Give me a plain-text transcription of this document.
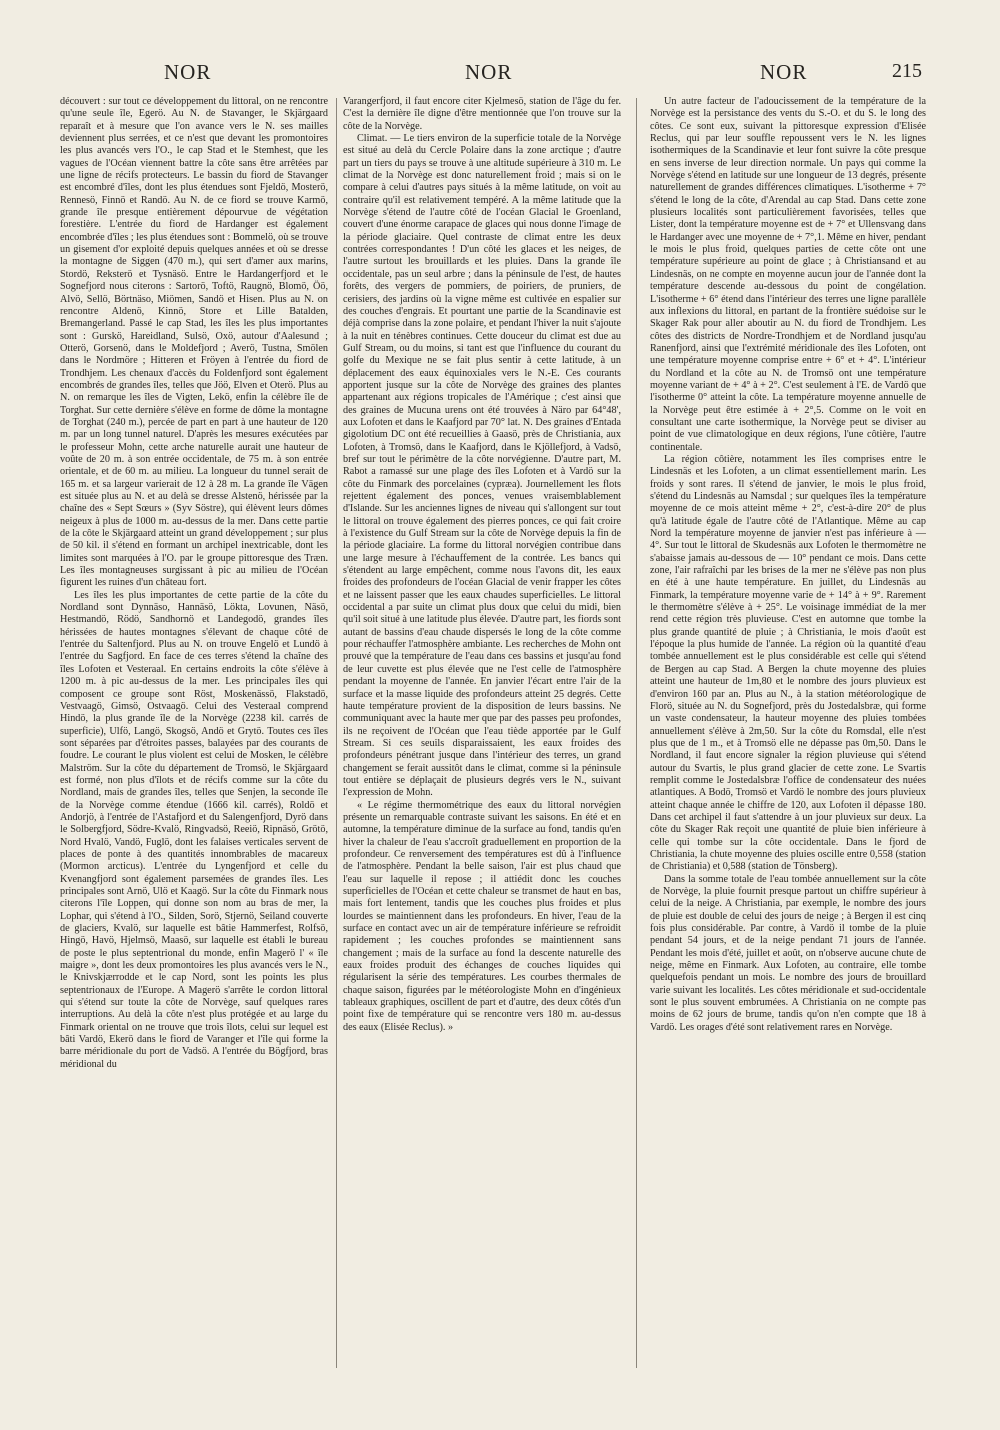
NOR	NOR	NOR	215

découvert : sur tout ce développement du littoral, on ne rencontre qu'une seule île, Egerö. Au N. de Stavanger, le Skjärgaard reparaît et à mesure que l'on avance vers le N. ses mailles deviennent plus serrées, et ce n'est que devant les promontoires les plus avancés vers l'O., le cap Stad et le Stemhest, que les vagues de l'Océan viennent battre la côte sans être arrêtées par une ligne de récifs protecteurs. Le bassin du fiord de Stavanger est encombré d'îles, dont les plus étendues sont Fjeldö, Mosterö, Rennesö, Finnö et Randö. Au N. de ce fiord se trouve Karmö, grande île presque entièrement dépourvue de végétation forestière. L'entrée du fiord de Hardanger est également encombrée d'îles ; les plus étendues sont : Bommelö, où se trouve un gisement d'or exploité depuis quelques années et où se dresse la montagne de Siggen (470 m.), qui sert d'amer aux marins, Stordö, Reksterö et Tysnäsö. Entre le Hardangerfjord et le Sognefjord nous citerons : Sartorö, Toftö, Raugnö, Blomö, Öö, Alvö, Sellö, Börtnäso, Miömen, Sandö et Hisen. Plus au N. on rencontre Aldenö, Kinnö, Store et Lille Batalden, Bremangerland. Passé le cap Stad, les îles les plus importantes sont : Gurskö, Hareidland, Sulsö, Oxö, autour d'Aalesund ; Otterö, Gorsenö, dans le Moldefjord ; Averö, Tustna, Smölen dans le Nordmöre ; Hitteren et Fröyen à l'entrée du fiord de Trondhjem. Les chenaux d'accès du Foldenfjord sont également encombrés de grandes îles, telles que Jöö, Elven et Oterö. Plus au N. on remarque les îles de Vigten, Lekö, enfin la célèbre île de Torghat. Sur cette dernière s'élève en forme de dôme la montagne de Torghat (240 m.), percée de part en part à une hauteur de 120 m. par un long tunnel naturel. D'après les mesures exécutées par le professeur Mohn, cette arche naturelle aurait une hauteur de voûte de 20 m. à son entrée occidentale, de 75 m. à son entrée orientale, et de 60 m. au milieu. La longueur du tunnel serait de 165 m. et sa largeur varierait de 12 à 28 m. La grande île Vägen est située plus au N. et au delà se dresse Alstenö, hérissée par la chaîne des « Sept Sœurs » (Syv Söstre), qui élèvent leurs dômes neigeux à plus de 1000 m. au-dessus de la mer. Dans cette partie de la côte le Skjärgaard atteint un grand développement ; sur plus de 50 kil. il s'étend en formant un archipel inextricable, dont les limites sont marquées à l'O. par le groupe pittoresque des Træn. Les îles montagneuses surgissant à pic au milieu de l'Océan figurent les ruines d'un château fort.

Les îles les plus importantes de cette partie de la côte du Nordland sont Dynnäso, Hannäsö, Lökta, Lovunen, Näsö, Hestmandö, Rödö, Sandhornö et Landegodö, grandes îles hérissées de hautes montagnes s'élevant de chaque côté de l'entrée du Saltenfjord. Plus au N. on trouve Engelö et Lundö à l'entrée du Sagfjord. En face de ces terres s'étend la chaîne des îles Lofoten et Vesteraal. En certains endroits la côte s'élève à 1200 m. à pic au-dessus de la mer. Les principales îles qui composent ce groupe sont Röst, Moskenässö, Flakstadö, Vestvaagö, Gimsö, Ostvaagö. Celui des Vesteraal comprend Hindö, la plus grande île de la Norvège (2238 kil. carrés de superficie), Ulfö, Langö, Skogsö, Andö et Grytö. Toutes ces îles sont séparées par d'étroites passes, balayées par des courants de foudre. Le courant le plus violent est celui de Mosken, le célèbre Malström. Sur la côte du département de Tromsö, le Skjärgaard est formé, non plus d'îlots et de récifs comme sur la côte du Nordland, mais de grandes îles, telles que Senjen, la seconde île de la Norvège comme étendue (1666 kil. carrés), Roldö et Andorjö, à l'entrée de l'Astafjord et du Salengenfjord, Dyrö dans le Solbergfjord, Södre-Kvalö, Ringvadsö, Reeiö, Ripnäsö, Grötö, Nord Hvalö, Vandö, Fuglö, dont les falaises verticales servent de places de ponte à des quantités innombrables de macareux (Mormon arcticus). L'entrée du Lyngenfjord et celle du Kvenangfjord sont également parsemées de grandes îles. Les principales sont Arnö, Ulö et Kaagö. Sur la côte du Finmark nous citerons l'île Loppen, qui donne son nom au bras de mer, la Lophar, qui s'étend à l'O., Silden, Sorö, Stjernö, Seiland couverte de glaciers, Kvalö, sur laquelle est bâtie Hammerfest, Rolfsö, Hingö, Havö, Hjelmsö, Maasö, sur laquelle est établi le bureau de poste le plus septentrional du monde, enfin Magerö l' « île maigre », dont les deux promontoires les plus avancés vers le N., le Knivskjærrodde et le cap Nord, sont les points les plus septentrionaux de l'Europe. A Magerö s'arrête le cordon littoral qui s'étend sur toute la côte de Norvège, sauf quelques rares interruptions. Au delà la côte n'est plus protégée et au large du Finmark oriental on ne trouve que trois îlots, celui sur lequel est bâti Vardö, Ekerö dans le fiord de Varanger et l'île qui forme la barre méridionale du port de Vadsö. A l'entrée du Bögfjord, bras méridional du

Varangerfjord, il faut encore citer Kjelmesö, station de l'âge du fer. C'est la dernière île digne d'être mentionnée que l'on trouve sur la côte de la Norvège.

Climat. — Le tiers environ de la superficie totale de la Norvège est situé au delà du Cercle Polaire dans la zone arctique ; d'autre part un tiers du pays se trouve à une altitude supérieure à 310 m. Le climat de la Norvège est donc naturellement froid ; mais si on le compare à celui d'autres pays situés à la même latitude, on voit au contraire qu'il est relativement tempéré. A la même latitude que la Norvège s'étend de l'autre côté de l'océan Glacial le Groenland, couvert d'une énorme carapace de glaces qui nous donne l'image de la période glaciaire. Quel contraste de climat entre les deux contrées correspondantes ! D'un côté les glaces et les neiges, de l'autre surtout les brouillards et les pluies. Dans la grande île occidentale, pas un seul arbre ; dans la péninsule de l'est, de hautes forêts, des vergers de pommiers, de poiriers, de pruniers, de cerisiers, des jardins où la vigne même est cultivée en espalier sur des couches d'engrais. Et pourtant une partie de la Scandinavie est déjà comprise dans la zone polaire, et pendant l'hiver la nuit s'ajoute à la nuit en ténèbres continues. Cette douceur du climat est due au Gulf Stream, ou du moins, si tant est que l'influence du courant du golfe du Mexique ne se fait plus sentir à cette latitude, à un déplacement des eaux équinoxiales vers le N.-E. Ces courants apportent jusque sur la côte de Norvège des graines des plantes appartenant aux régions tropicales de l'Amérique ; c'est ainsi que des graines de Mucuna urens ont été trouvées à Näro par 64°48', aux Lofoten et dans le Kaafjord par 70° lat. N. Des graines d'Entada gigolotium DC ont été recueillies à Gaasö, près de Christiania, aux Lofoten, à Tromsö, dans le Kaafjord, dans le Kjöllefjord, à Vadsö, bref sur tout le périmètre de la côte norvégienne. D'autre part, M. Rabot a ramassé sur une plage des îles Lofoten et à Vardö sur la côte du Finmark des porcelaines (cypræa). Journellement les flots rejettent également des ponces, venues vraisemblablement d'Islande. Sur les anciennes lignes de niveau qui s'allongent sur tout le littoral on trouve également des pierres ponces, ce qui fait croire à l'existence du Gulf Stream sur la côte de Norvège depuis la fin de la période glaciaire. La forme du littoral norvégien contribue dans une large mesure à l'échauffement de la contrée. Les bancs qui s'étendent au large empêchent, comme nous l'avons dit, les eaux froides des profondeurs de l'océan Glacial de venir frapper les côtes et ne laissent passer que les eaux chaudes superficielles. Le littoral occidental a par suite un climat plus doux que celui du midi, bien qu'il soit situé à une latitude plus élevée. D'autre part, les fiords sont autant de bassins d'eau chaude dispersés le long de la côte comme pour réchauffer l'atmosphère ambiante. Les recherches de Mohn ont prouvé que la température de l'eau dans ces bassins et jusqu'au fond de leur cuvette est plus élevée que ne l'est celle de l'atmosphère pendant la moyenne de l'année. En janvier l'écart entre l'air de la surface et la masse liquide des profondeurs atteint 25 degrés. Cette haute température provient de la disposition de leurs bassins. Ne communiquant avec la haute mer que par des passes peu profondes, ils ne reçoivent de l'Océan que l'eau tiède apportée par le Gulf Stream. Si ces seuils disparaissaient, les eaux froides des profondeurs pénétrant jusque dans l'intérieur des terres, un grand changement se ferait aussitôt dans le climat, comme si la péninsule tout entière se déplaçait de plusieurs degrés vers le N., suivant l'expression de Mohn.

« Le régime thermométrique des eaux du littoral norvégien présente un remarquable contraste suivant les saisons. En été et en automne, la température diminue de la surface au fond, tandis qu'en hiver la chaleur de l'eau s'accroît graduellement en proportion de la profondeur. Ce renversement des températures est dû à l'influence de l'atmosphère. Pendant la belle saison, l'air est plus chaud que l'eau sur laquelle il repose ; il attiédit donc les couches superficielles de l'Océan et cette chaleur se transmet de haut en bas, mais fort lentement, tandis que les couches plus froides et plus lourdes se maintiennent dans les profondeurs. En hiver, l'eau de la surface en contact avec un air de température inférieure se refroidit rapidement ; les couches profondes se maintiennent sans changement ; mais de la surface au fond la descente naturelle des eaux froides produit des échanges de couches liquides qui régularisent la série des températures. Les courbes thermales de chaque saison, figurées par le météorologiste Mohn en d'ingénieux tableaux graphiques, oscillent de part et d'autre, des deux côtés d'un point fixe de température qui se rencontre vers 180 m. au-dessus des eaux (Elisée Reclus). »

Un autre facteur de l'adoucissement de la température de la Norvège est la persistance des vents du S.-O. et du S. le long des côtes. Ce sont eux, suivant la pittoresque expression d'Elisée Reclus, qui par leur souffle repoussent vers le N. les lignes isothermiques de la Scandinavie et leur font suivre la côte presque en sens inverse de leur direction normale. Un pays qui comme la Norvège s'étend en latitude sur une longueur de 13 degrés, présente naturellement de grandes différences climatiques. L'isotherme + 7° s'étend le long de la côte, d'Arendal au cap Stad. Dans cette zone plusieurs localités sont particulièrement favorisées, telles que Lister, dont la température moyenne est de + 7° et Ullensvang dans le Hardanger avec une moyenne de + 7°,1. Même en hiver, pendant le mois le plus froid, quelques parties de cette côte ont une température supérieure au point de glace ; à Christiansand et au Lindesnäs, on ne compte en moyenne aucun jour de l'année dont la température descende au-dessous du point de congélation. L'isotherme + 6° étend dans l'intérieur des terres une ligne parallèle aux inflexions du littoral, en partant de la frontière suédoise sur le Skager Rak pour aller aboutir au N. du fiord de Trondhjem. Les côtes des districts de Nordre-Trondhjem et de Nordland jusqu'au Ranenfjord, ainsi que l'extrémité méridionale des îles Lofoten, ont une température moyenne comprise entre + 6° et + 4°. L'intérieur du Nordland et la côte au N. de Tromsö ont une température moyenne variant de + 4° à + 2°. C'est seulement à l'E. de Vardö que l'isotherme 0° atteint la côte. La température moyenne annuelle de la Norvège peut être estimée à + 2°,5. Comme on le voit en consultant une carte isothermique, la Norvège peut se diviser au point de vue climatologique en deux régions, l'une côtière, l'autre continentale.

La région côtière, notamment les îles comprises entre le Lindesnäs et les Lofoten, a un climat essentiellement marin. Les froids y sont rares. Il s'étend de janvier, le mois le plus froid, s'étend du Lindesnäs au Namsdal ; sur quelques îles la température moyenne de ce mois atteint même + 2°, c'est-à-dire 20° de plus qu'à latitude égale de l'autre côté de l'Atlantique. Même au cap Nord la température moyenne de janvier n'est pas inférieure à — 4°. Sur tout le littoral de Skudesnäs aux Lofoten le thermomètre ne s'abaisse jamais au-dessous de — 10° pendant ce mois. Dans cette zone, l'air rafraîchi par les brises de la mer ne s'élève pas non plus en été à une haute température. En juillet, du Lindesnäs au Finmark, la température moyenne varie de + 14° à + 9°. Rarement le thermomètre s'élève à + 25°. Le voisinage immédiat de la mer rend cette région très pluvieuse. C'est en automne que tombe la plus grande quantité de pluie ; à Christiania, le mois d'août est l'époque la plus humide de l'année. La région où la quantité d'eau tombée annuellement est le plus considérable est celle qui s'étend de Bergen au cap Stad. A Bergen la chute moyenne des pluies atteint une hauteur de 1m,80 et le nombre des jours pluvieux est d'environ 160 par an. Plus au N., à la station météorologique de Florö, située au N. du Sognefjord, près du Jostedalsbræ, qui forme un vaste condensateur, la hauteur moyenne des pluies tombées annuellement s'élève à 2m,50. Sur la côte du Romsdal, elle n'est plus que de 1 m., et à Tromsö elle ne dépasse pas 0m,50. Dans le Nordland, il faut encore signaler la région pluvieuse qui s'étend autour du Svartis, le plus grand glacier de cette zone. Le Svartis remplit comme le Jostedalsbræ l'office de condensateur des nuées atlantiques. A Bodö, Tromsö et Vardö le nombre des jours pluvieux atteint chaque année le chiffre de 120, aux Lofoten il dépasse 180. Dans cet archipel il faut s'attendre à un jour pluvieux sur deux. La côte du Skager Rak reçoit une quantité de pluie bien inférieure à celle qui tombe sur la côte occidentale. Dans le fjord de Christiania, la chute moyenne des pluies oscille entre 0,558 (station de Christiania) et 0,588 (station de Tönsberg).

Dans la somme totale de l'eau tombée annuellement sur la côte de Norvège, la pluie fournit presque partout un chiffre supérieur à celui de la neige. A Christiania, par exemple, le nombre des jours de pluie est double de celui des jours de neige ; à Bergen il est cinq fois plus considérable. Par contre, à Vardö il tombe de la pluie pendant 54 jours, et de la neige pendant 71 jours de l'année. Pendant les mois d'été, juillet et août, on n'observe aucune chute de neige, même en Finmark. Aux Lofoten, au contraire, elle tombe quelquefois pendant un mois. Le nombre des jours de brouillard varie suivant les localités. Les côtes méridionale et sud-occidentale sont le plus souvent embrumées. A Christiania on ne compte pas moins de 62 jours de brume, tandis qu'on n'en compte que 18 à Vardö. Les orages d'été sont relativement rares en Norvège.
